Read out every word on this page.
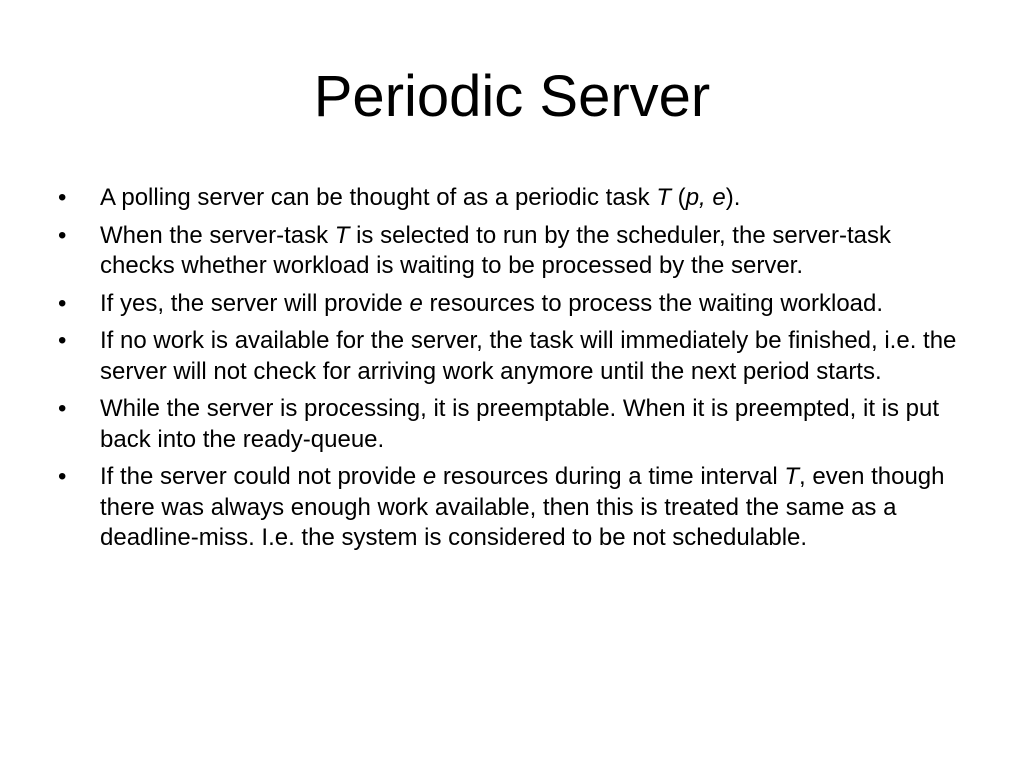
Periodic Server
• A polling server can be thought of as a periodic task T (p, e).
• When the server-task T is selected to run by the scheduler, the server-task checks whether workload is waiting to be processed by the server.
• If yes, the server will provide e resources to process the waiting workload.
• If no work is available for the server, the task will immediately be finished, i.e. the server will not check for arriving work anymore until the next period starts.
• While the server is processing, it is preemptable. When it is preempted, it is put back into the ready-queue.
• If the server could not provide e resources during a time interval T, even though there was always enough work available, then this is treated the same as a deadline-miss. I.e. the system is considered to be not schedulable.
